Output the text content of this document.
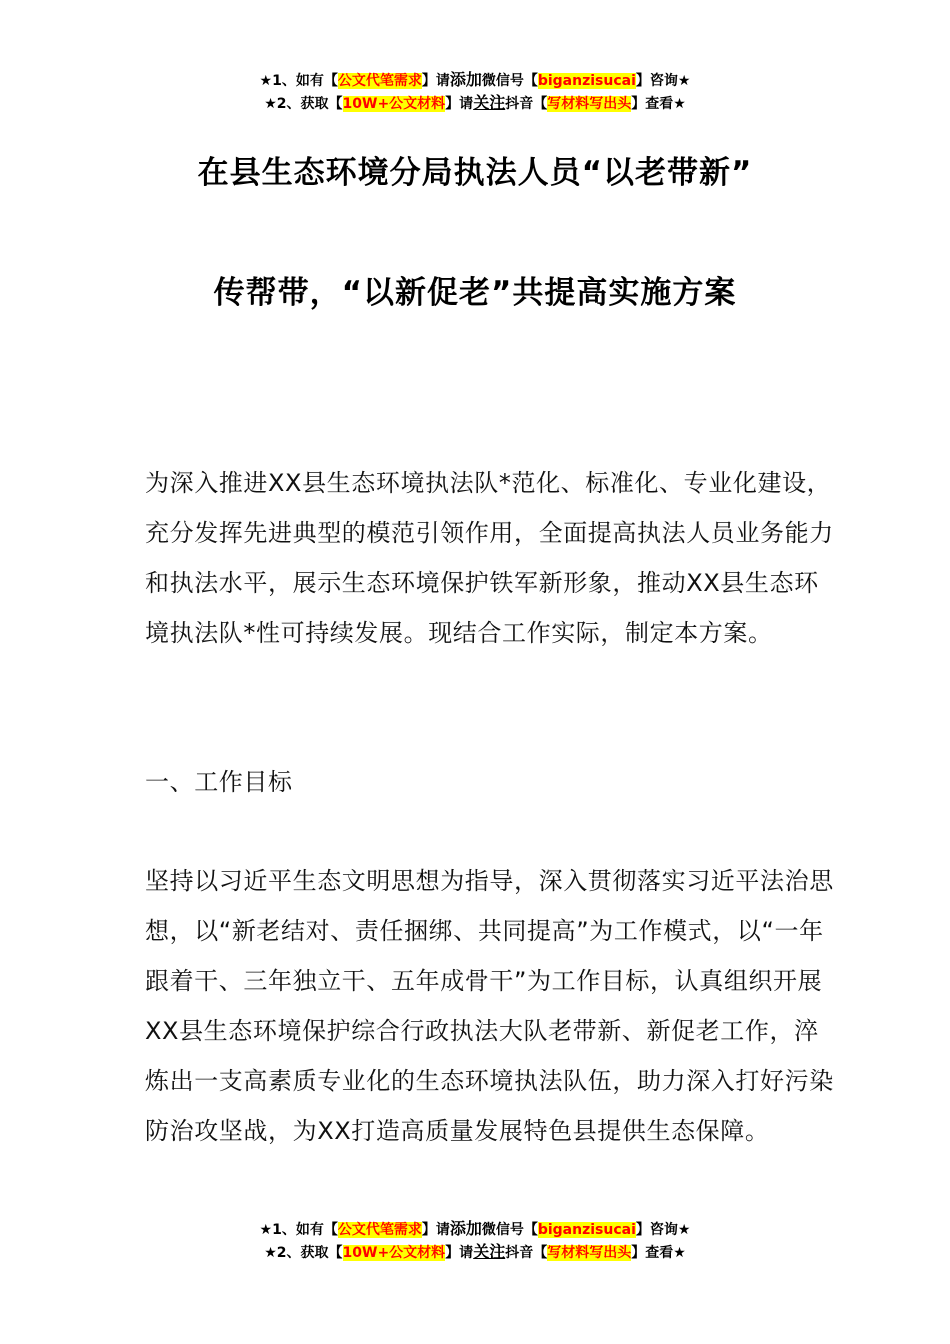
★1、如有【公文代笔需求】请添加微信号【biganzisucai】咨询★
★2、获取【10W+公文材料】请关注抖音【写材料写出头】查看★
在县生态环境分局执法人员“以老带新”
传帮带，“以新促老”共提高实施方案
为深入推进XX县生态环境执法队*范化、标准化、专业化建设，充分发挥先进典型的模范引领作用，全面提高执法人员业务能力和执法水平，展示生态环境保护铁军新形象，推动XX县生态环境执法队*性可持续发展。现结合工作实际，制定本方案。
一、工作目标
坚持以习近平生态文明思想为指导，深入贯彻落实习近平法治思想，以“新老结对、责任捆绑、共同提高”为工作模式，以“一年跟着干、三年独立干、五年成骨干”为工作目标，认真组织开展XX县生态环境保护综合行政执法大队老带新、新促老工作，淬炼出一支高素质专业化的生态环境执法队伍，助力深入打好污染防治攻坚战，为XX打造高质量发展特色县提供生态保障。
★1、如有【公文代笔需求】请添加微信号【biganzisucai】咨询★
★2、获取【10W+公文材料】请关注抖音【写材料写出头】查看★
